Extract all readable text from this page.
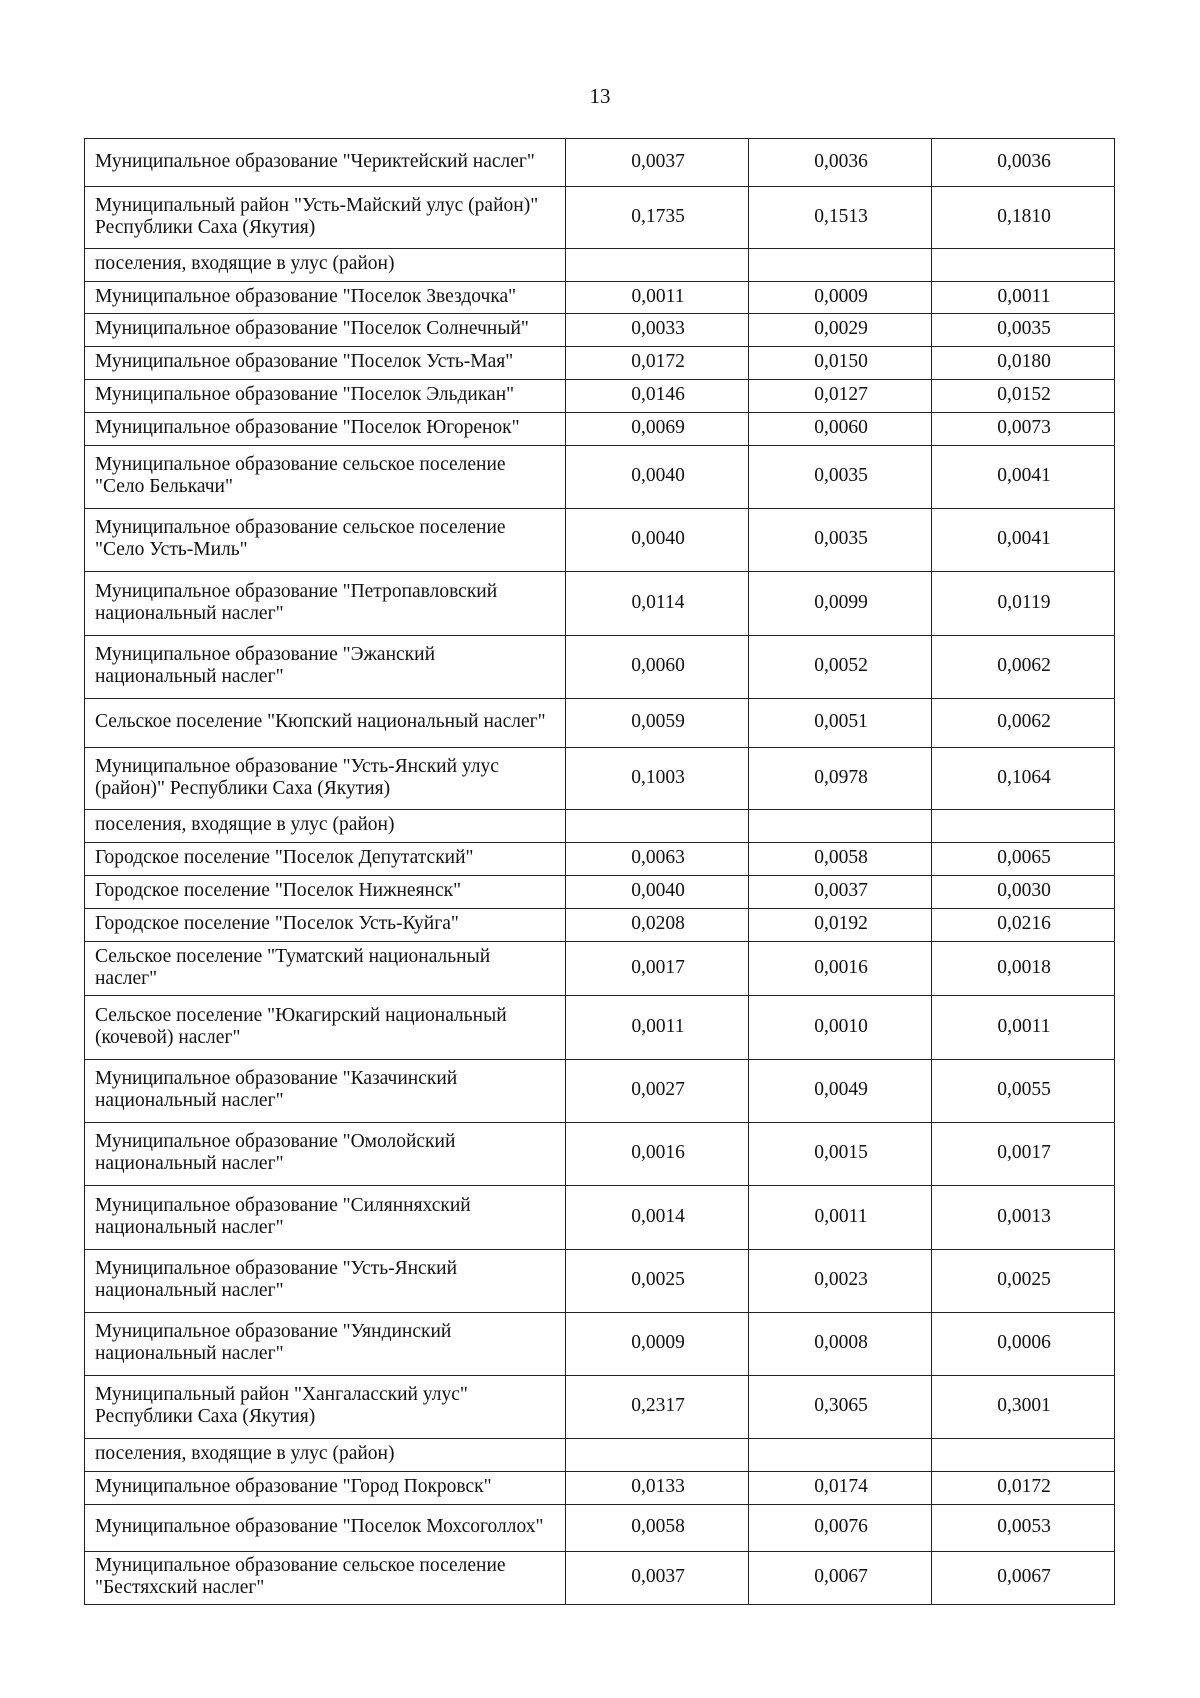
13
Муниципальное образование "Чериктейский наслег"	0,0037	0,0036	0,0036
Муниципальный район "Усть-Майский улус (район)" Республики Саха (Якутия)	0,1735	0,1513	0,1810
поселения, входящие в улус (район)			
Муниципальное образование "Поселок Звездочка"	0,0011	0,0009	0,0011
Муниципальное образование "Поселок Солнечный"	0,0033	0,0029	0,0035
Муниципальное образование "Поселок Усть-Мая"	0,0172	0,0150	0,0180
Муниципальное образование "Поселок Эльдикан"	0,0146	0,0127	0,0152
Муниципальное образование "Поселок Югоренок"	0,0069	0,0060	0,0073
Муниципальное образование сельское поселение "Село Белькачи"	0,0040	0,0035	0,0041
Муниципальное образование сельское поселение "Село Усть-Миль"	0,0040	0,0035	0,0041
Муниципальное образование "Петропавловский национальный наслег"	0,0114	0,0099	0,0119
Муниципальное образование "Эжанский национальный наслег"	0,0060	0,0052	0,0062
Сельское поселение "Кюпский национальный наслег"	0,0059	0,0051	0,0062
Муниципальное образование "Усть-Янский улус (район)" Республики Саха (Якутия)	0,1003	0,0978	0,1064
поселения, входящие в улус (район)			
Городское поселение "Поселок Депутатский"	0,0063	0,0058	0,0065
Городское поселение "Поселок Нижнеянск"	0,0040	0,0037	0,0030
Городское поселение "Поселок Усть-Куйга"	0,0208	0,0192	0,0216
Сельское поселение "Туматский национальный наслег"	0,0017	0,0016	0,0018
Сельское поселение "Юкагирский национальный (кочевой) наслег"	0,0011	0,0010	0,0011
Муниципальное образование "Казачинский национальный наслег"	0,0027	0,0049	0,0055
Муниципальное образование "Омолойский национальный наслег"	0,0016	0,0015	0,0017
Муниципальное образование "Силянняхский национальный наслег"	0,0014	0,0011	0,0013
Муниципальное образование "Усть-Янский национальный наслег"	0,0025	0,0023	0,0025
Муниципальное образование "Уяндинский национальный наслег"	0,0009	0,0008	0,0006
Муниципальный район "Хангаласский улус" Республики Саха (Якутия)	0,2317	0,3065	0,3001
поселения, входящие в улус (район)			
Муниципальное образование "Город Покровск"	0,0133	0,0174	0,0172
Муниципальное образование "Поселок Мохсоголлох"	0,0058	0,0076	0,0053
Муниципальное образование сельское поселение "Бестяхский наслег"	0,0037	0,0067	0,0067
